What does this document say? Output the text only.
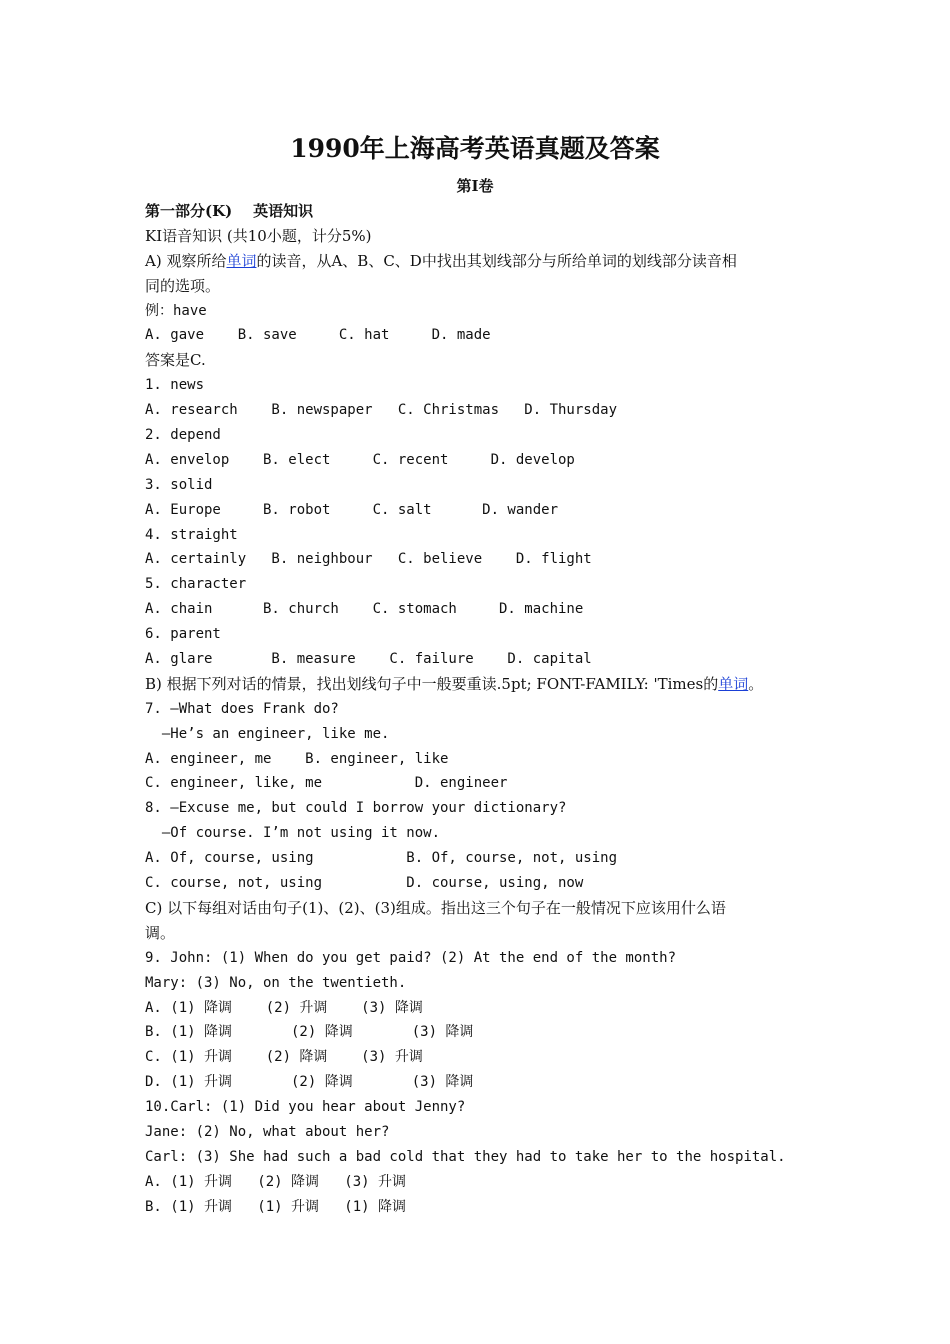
1990年上海高考英语真题及答案
第I卷
第一部分(K) 英语知识
KI语音知识 (共10小题，计分5%)
A) 观察所给单词的读音，从A、B、C、D中找出其划线部分与所给单词的划线部分读音相
同的选项。
例：have
A. gave    B. save     C. hat     D. made
答案是C.
1. news
A. research    B. newspaper   C. Christmas   D. Thursday
2. depend
A. envelop    B. elect     C. recent     D. develop
3. solid
A. Europe     B. robot     C. salt      D. wander
4. straight
A. certainly   B. neighbour   C. believe    D. flight
5. character
A. chain      B. church    C. stomach     D. machine
6. parent
A. glare       B. measure    C. failure    D. capital
B) 根据下列对话的情景，找出划线句子中一般要重读.5pt; FONT-FAMILY: 'Times的单词。
7. —What does Frank do?
—He’s an engineer, like me.
A. engineer, me    B. engineer, like
C. engineer, like, me           D. engineer
8. —Excuse me, but could I borrow your dictionary?
—Of course. I’m not using it now.
A. Of, course, using           B. Of, course, not, using
C. course, not, using          D. course, using, now
C) 以下每组对话由句子(1)、(2)、(3)组成。指出这三个句子在一般情况下应该用什么语
调。
9. John: (1) When do you get paid? (2) At the end of the month?
Mary: (3) No, on the twentieth.
A. (1) 降调    (2) 升调    (3) 降调
B. (1) 降调       (2) 降调       (3) 降调
C. (1) 升调    (2) 降调    (3) 升调
D. (1) 升调       (2) 降调       (3) 降调
10.Carl: (1) Did you hear about Jenny?
Jane: (2) No, what about her?
Carl: (3) She had such a bad cold that they had to take her to the hospital.
A. (1) 升调   (2) 降调   (3) 升调
B. (1) 升调   (1) 升调   (1) 降调
